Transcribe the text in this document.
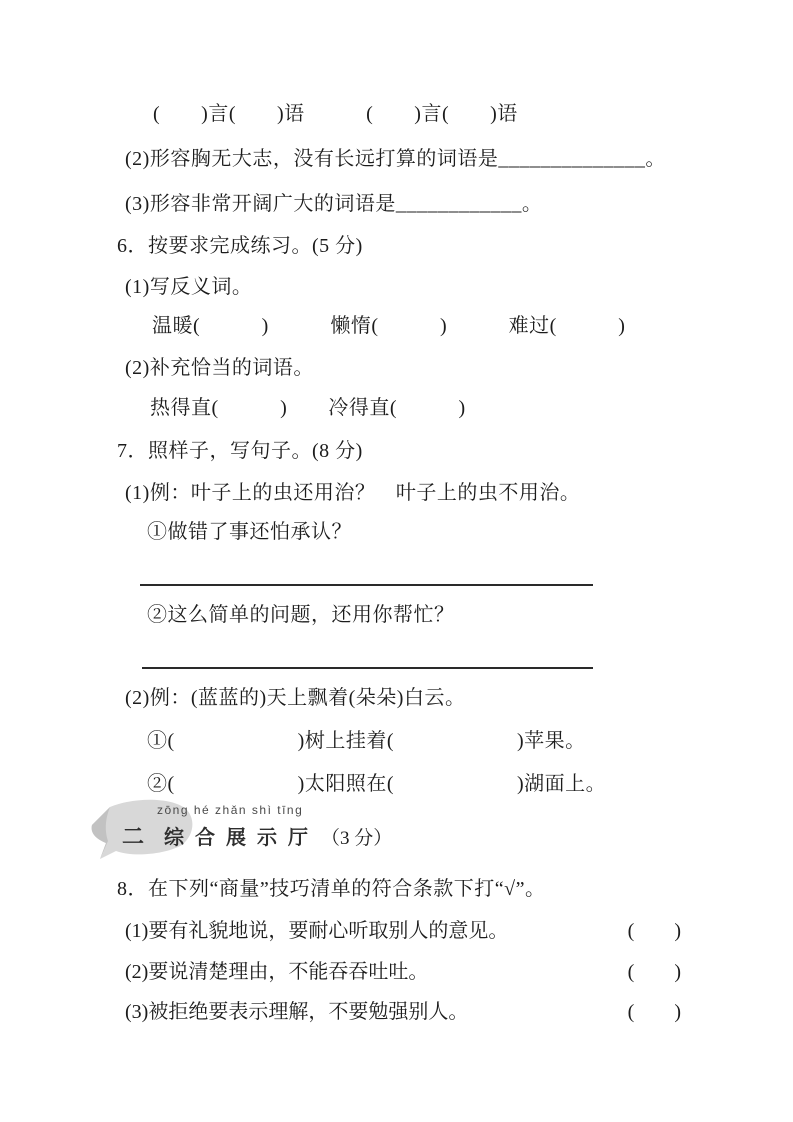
(　　)言(　　)语　　　(　　)言(　　)语
(2)形容胸无大志，没有长远打算的词语是______________。
(3)形容非常开阔广大的词语是____________。
6．按要求完成练习。(5 分)
(1)写反义词。
温暖(　　　)　　　懒惰(　　　)　　　难过(　　　)
(2)补充恰当的词语。
热得直(　　　)　　冷得直(　　　)
7．照样子，写句子。(8 分)
(1)例：叶子上的虫还用治？　叶子上的虫不用治。
①做错了事还怕承认？
②这么简单的问题，还用你帮忙？
(2)例：(蓝蓝的)天上飘着(朵朵)白云。
①(　　　　　　)树上挂着(　　　　　　)苹果。
②(　　　　　　)太阳照在(　　　　　　)湖面上。
zōng hé zhǎn shì tīng
二 综合展示厅 （3 分）
8．在下列“商量”技巧清单的符合条款下打“√”。
(1)要有礼貌地说，要耐心听取别人的意见。	(　　)
(2)要说清楚理由，不能吞吞吐吐。	(　　)
(3)被拒绝要表示理解，不要勉强别人。	(　　)
